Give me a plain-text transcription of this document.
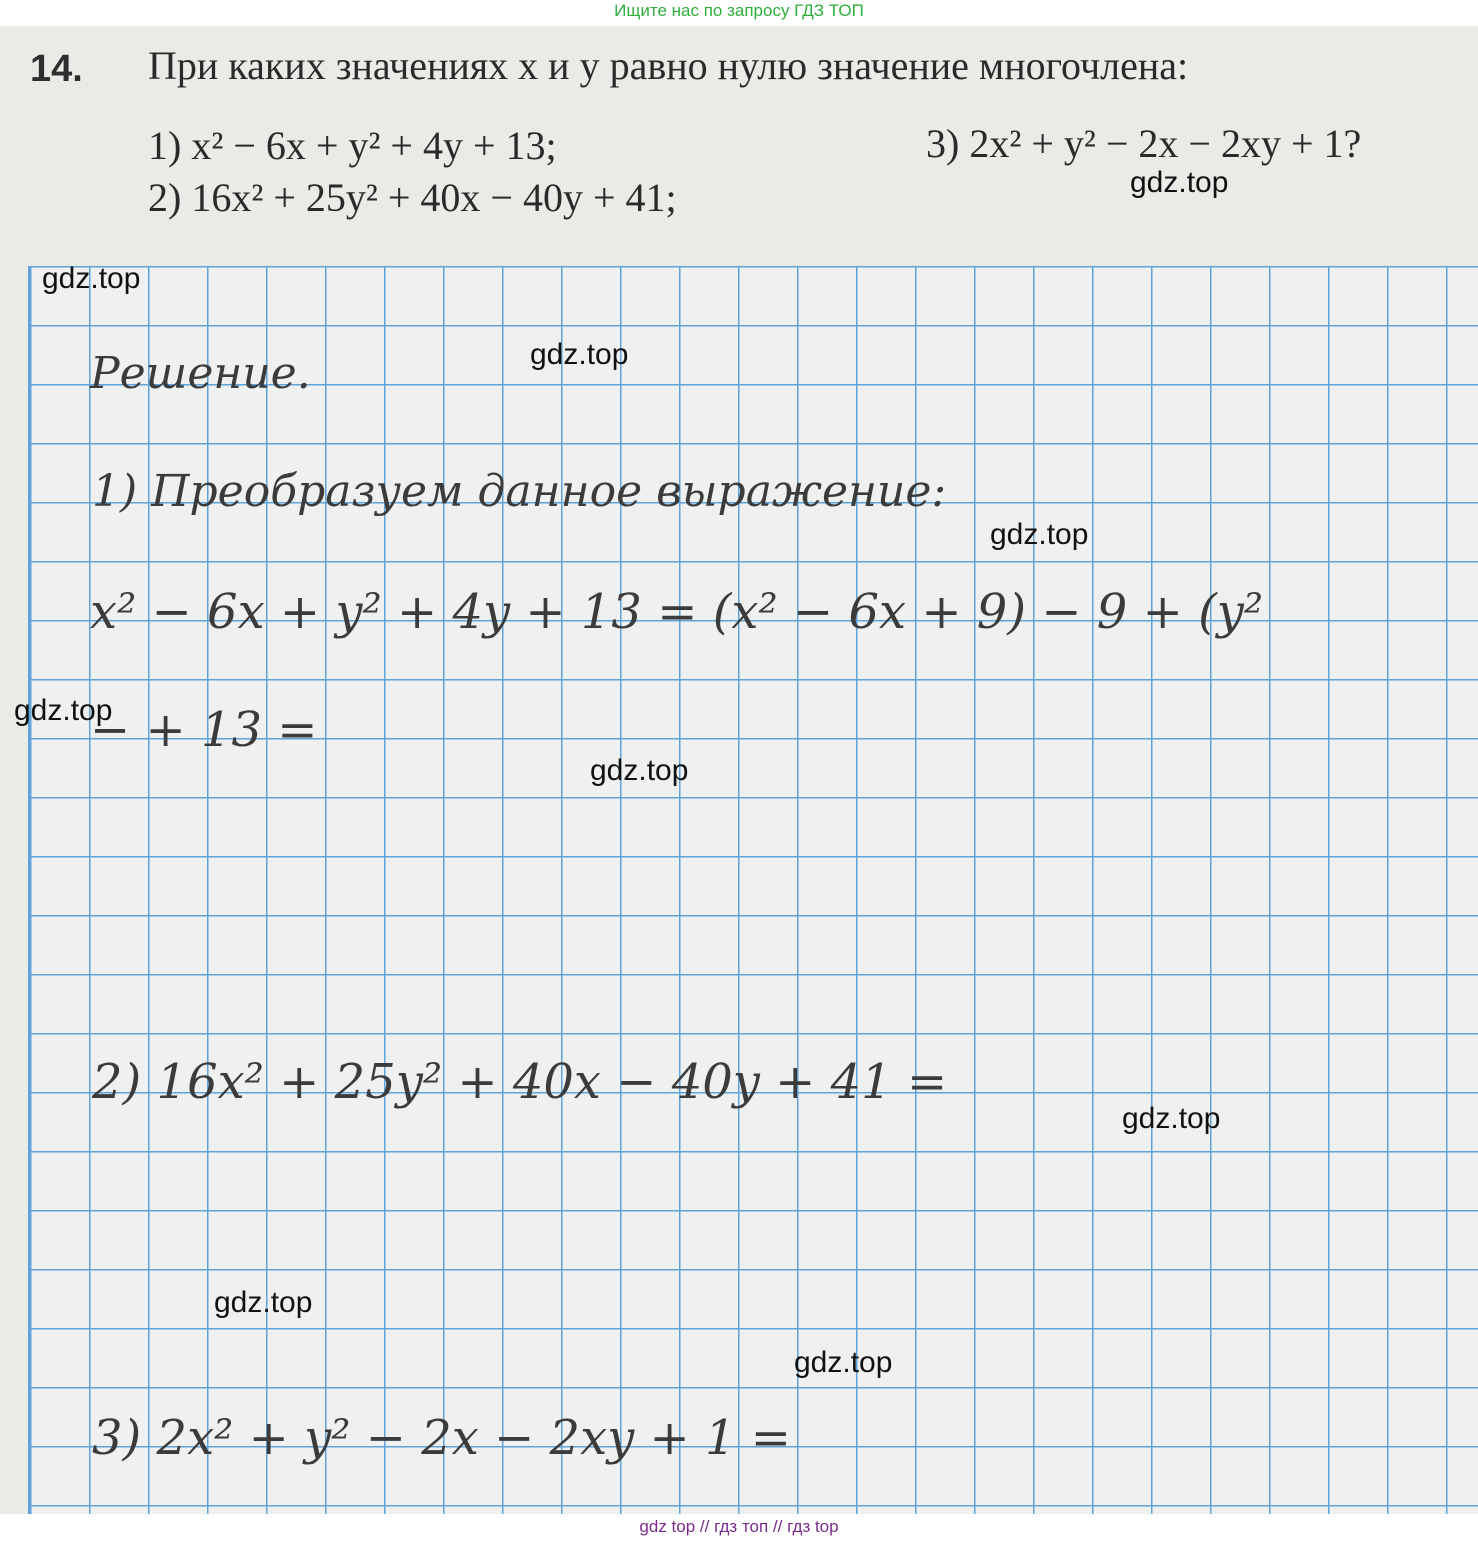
Ищите нас по запросу ГДЗ ТОП
14. При каких значениях x и y равно нулю значение многочлена:
1) x² − 6x + y² + 4y + 13;
2) 16x² + 25y² + 40x − 40y + 41;
3) 2x² + y² − 2x − 2xy + 1?
Решение.
1) Преобразуем данное выражение:
x² − 6x + y² + 4y + 13 = (x² − 6x + 9) − 9 + (y²
− + 13 =
2) 16x² + 25y² + 40x − 40y + 41 =
3) 2x² + y² − 2x − 2xy + 1 =
gdz.top
gdz.top
gdz.top
gdz.top
gdz.top
gdz.top
gdz.top
gdz.top
gdz.top
gdz top // гдз топ // гдз top
